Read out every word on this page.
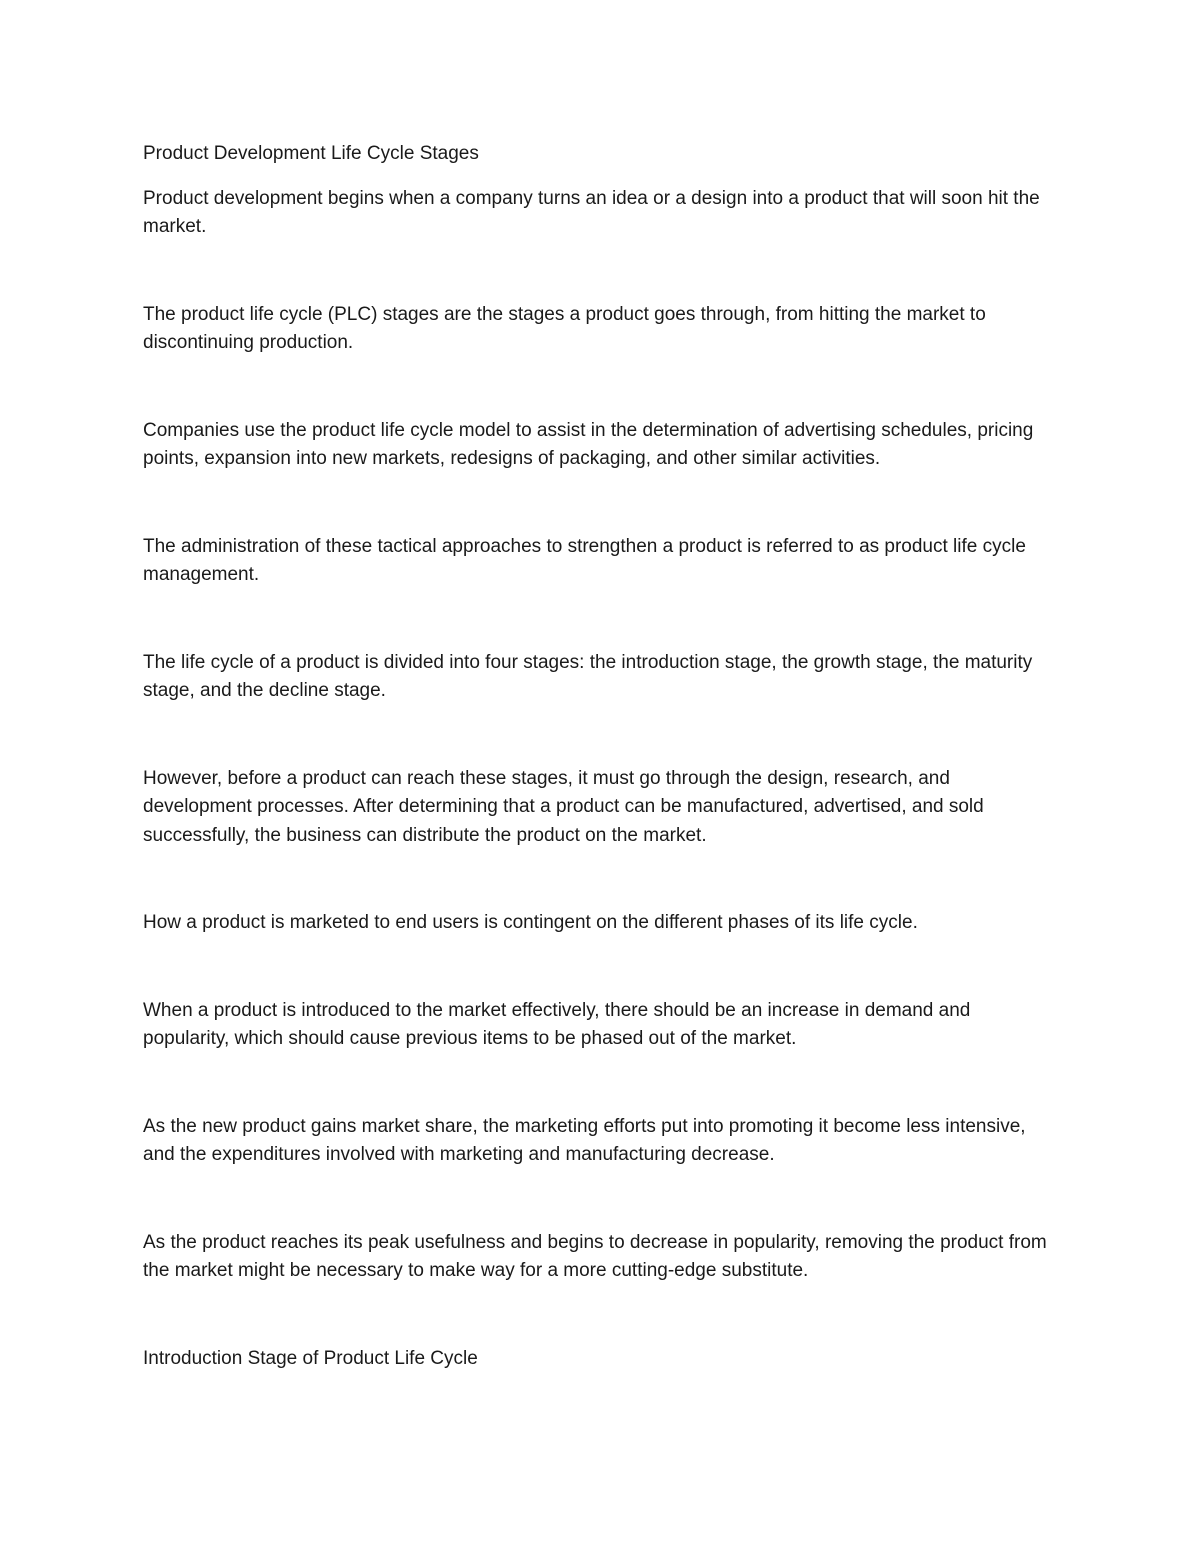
Product Development Life Cycle Stages

Product development begins when a company turns an idea or a design into a product that will soon hit the market.

The product life cycle (PLC) stages are the stages a product goes through, from hitting the market to discontinuing production.

Companies use the product life cycle model to assist in the determination of advertising schedules, pricing points, expansion into new markets, redesigns of packaging, and other similar activities.

The administration of these tactical approaches to strengthen a product is referred to as product life cycle management.

The life cycle of a product is divided into four stages: the introduction stage, the growth stage, the maturity stage, and the decline stage.

However, before a product can reach these stages, it must go through the design, research, and development processes. After determining that a product can be manufactured, advertised, and sold successfully, the business can distribute the product on the market.

How a product is marketed to end users is contingent on the different phases of its life cycle.

When a product is introduced to the market effectively, there should be an increase in demand and popularity, which should cause previous items to be phased out of the market.

As the new product gains market share, the marketing efforts put into promoting it become less intensive, and the expenditures involved with marketing and manufacturing decrease.

As the product reaches its peak usefulness and begins to decrease in popularity, removing the product from the market might be necessary to make way for a more cutting-edge substitute.

Introduction Stage of Product Life Cycle
